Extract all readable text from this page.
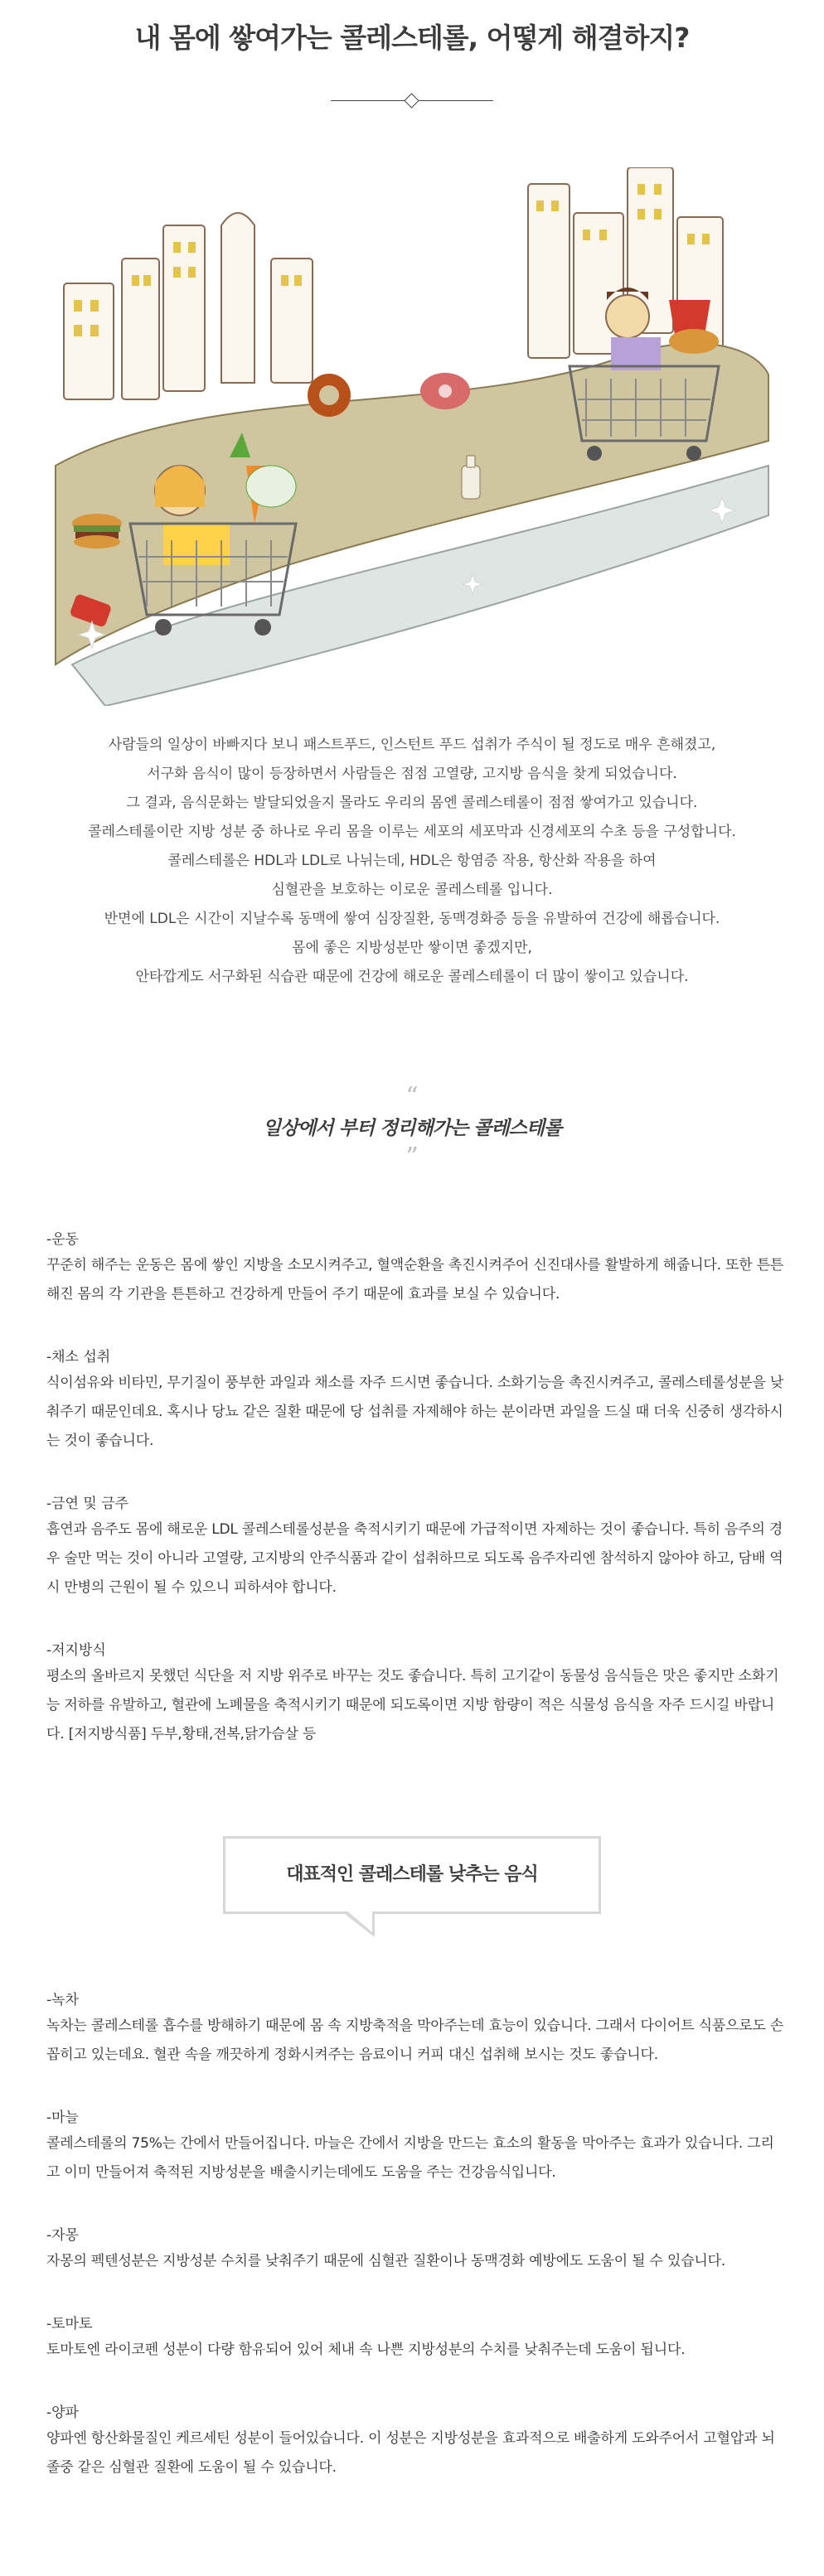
내 몸에 쌓여가는 콜레스테롤, 어떻게 해결하지?

사람들의 일상이 바빠지다 보니 패스트푸드, 인스턴트 푸드 섭취가 주식이 될 정도로 매우 흔해졌고,

서구화 음식이 많이 등장하면서 사람들은 점점 고열량, 고지방 음식을 찾게 되었습니다.

그 결과, 음식문화는 발달되었을지 몰라도 우리의 몸엔 콜레스테롤이 점점 쌓여가고 있습니다.

콜레스테롤이란 지방 성분 중 하나로 우리 몸을 이루는 세포의 세포막과 신경세포의 수초 등을 구성합니다.

콜레스테롤은 HDL과 LDL로 나뉘는데, HDL은 항염증 작용, 항산화 작용을 하여

심혈관을 보호하는 이로운 콜레스테롤 입니다.

반면에 LDL은 시간이 지날수록 동맥에 쌓여 심장질환, 동맥경화증 등을 유발하여 건강에 해롭습니다.

몸에 좋은 지방성분만 쌓이면 좋겠지만,

안타깝게도 서구화된 식습관 때문에 건강에 해로운 콜레스테롤이 더 많이 쌓이고 있습니다.

“
일상에서 부터 정리해가는 콜레스테롤
”
-운동
꾸준히 해주는 운동은 몸에 쌓인 지방을 소모시켜주고, 혈액순환을 촉진시켜주어 신진대사를 활발하게 해줍니다. 또한 튼튼해진 몸의 각 기관을 튼튼하고 건강하게 만들어 주기 때문에 효과를 보실 수 있습니다.
-채소 섭취
식이섬유와 비타민, 무기질이 풍부한 과일과 채소를 자주 드시면 좋습니다. 소화기능을 촉진시켜주고, 콜레스테롤성분을 낮춰주기 때문인데요. 혹시나 당뇨 같은 질환 때문에 당 섭취를 자제해야 하는 분이라면 과일을 드실 때 더욱 신중히 생각하시는 것이 좋습니다.
-금연 및 금주
흡연과 음주도 몸에 해로운 LDL 콜레스테롤성분을 축적시키기 때문에 가급적이면 자제하는 것이 좋습니다. 특히 음주의 경우 술만 먹는 것이 아니라 고열량, 고지방의 안주식품과 같이 섭취하므로 되도록 음주자리엔 참석하지 않아야 하고, 담배 역시 만병의 근원이 될 수 있으니 피하셔야 합니다.
-저지방식
평소의 올바르지 못했던 식단을 저 지방 위주로 바꾸는 것도 좋습니다. 특히 고기같이 동물성 음식들은 맛은 좋지만 소화기능 저하를 유발하고, 혈관에 노폐물을 축적시키기 때문에 되도록이면 지방 함량이 적은 식물성 음식을 자주 드시길 바랍니다. [저지방식품] 두부,황태,전복,닭가슴살 등
대표적인 콜레스테롤 낮추는 음식
-녹차
녹차는 콜레스테롤 흡수를 방해하기 때문에 몸 속 지방축적을 막아주는데 효능이 있습니다. 그래서 다이어트 식품으로도 손꼽히고 있는데요. 혈관 속을 깨끗하게 정화시켜주는 음료이니 커피 대신 섭취해 보시는 것도 좋습니다.
-마늘
콜레스테롤의 75%는 간에서 만들어집니다. 마늘은 간에서 지방을 만드는 효소의 활동을 막아주는 효과가 있습니다. 그리고 이미 만들어져 축적된 지방성분을 배출시키는데에도 도움을 주는 건강음식입니다.
-자몽
자몽의 펙텐성분은 지방성분 수치를 낮춰주기 때문에 심혈관 질환이나 동맥경화 예방에도 도움이 될 수 있습니다.
-토마토
토마토엔 라이코펜 성분이 다량 함유되어 있어 체내 속 나쁜 지방성분의 수치를 낮춰주는데 도움이 됩니다.
-양파
양파엔 항산화물질인 케르세틴 성분이 들어있습니다. 이 성분은 지방성분을 효과적으로 배출하게 도와주어서 고혈압과 뇌졸중 같은 심혈관 질환에 도움이 될 수 있습니다.
